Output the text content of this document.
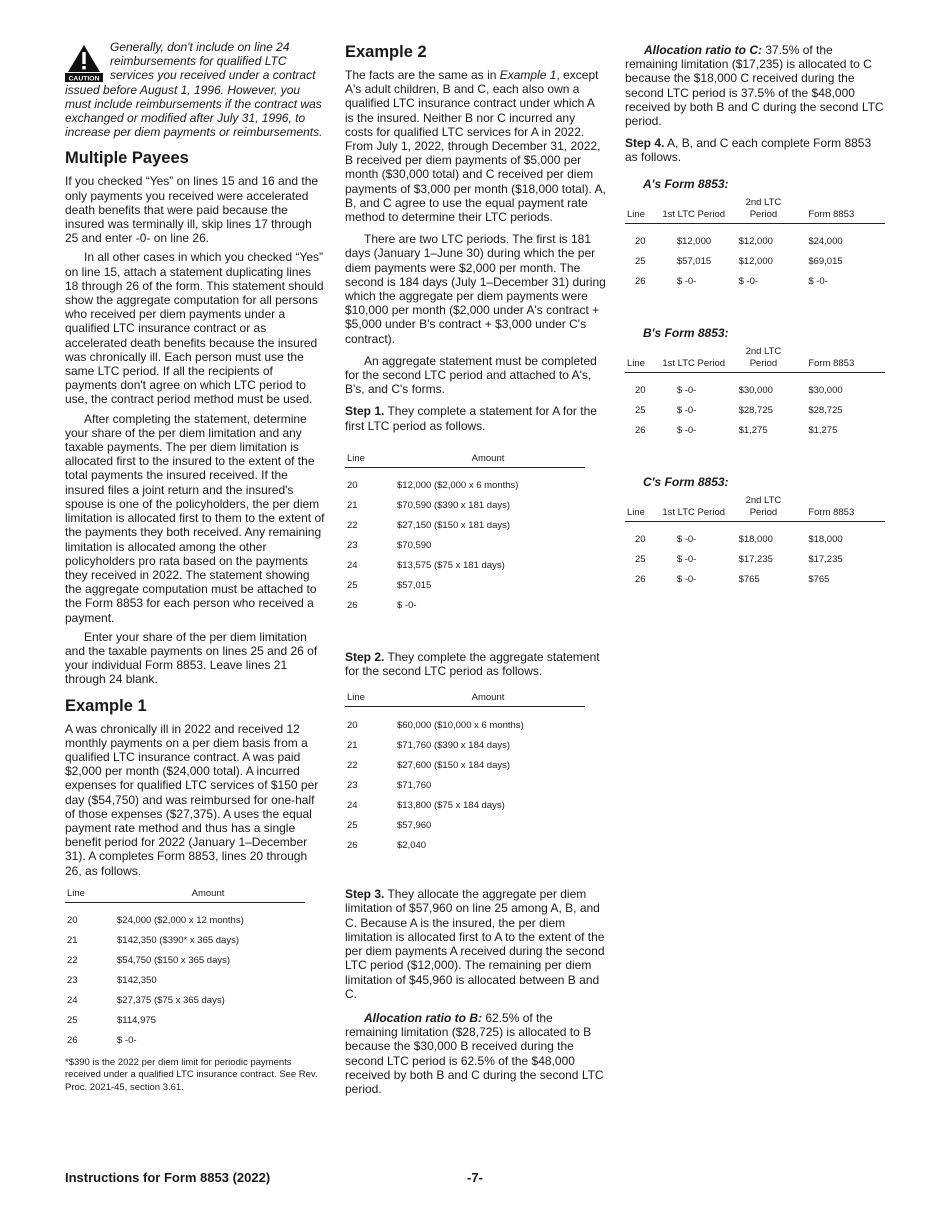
CAUTION
Generally, don't include on line 24 reimbursements for qualified LTC services you received under a contract
issued before August 1, 1996. However, you must include reimbursements if the contract was exchanged or modified after July 31, 1996, to increase per diem payments or reimbursements.
Multiple Payees

If you checked “Yes” on lines 15 and 16 and the only payments you received were accelerated death benefits that were paid because the insured was terminally ill, skip lines 17 through 25 and enter -0- on line 26.

In all other cases in which you checked “Yes” on line 15, attach a statement duplicating lines 18 through 26 of the form. This statement should show the aggregate computation for all persons who received per diem payments under a qualified LTC insurance contract or as accelerated death benefits because the insured was chronically ill. Each person must use the same LTC period. If all the recipients of payments don't agree on which LTC period to use, the contract period method must be used.

After completing the statement, determine your share of the per diem limitation and any taxable payments. The per diem limitation is allocated first to the insured to the extent of the total payments the insured received. If the insured files a joint return and the insured's spouse is one of the policyholders, the per diem limitation is allocated first to them to the extent of the payments they both received. Any remaining limitation is allocated among the other policyholders pro rata based on the payments they received in 2022. The statement showing the aggregate computation must be attached to the Form 8853 for each person who received a payment.

Enter your share of the per diem limitation and the taxable payments on lines 25 and 26 of your individual Form 8853. Leave lines 21 through 24 blank.

Example 1

A was chronically ill in 2022 and received 12 monthly payments on a per diem basis from a qualified LTC insurance contract. A was paid $2,000 per month ($24,000 total). A incurred expenses for qualified LTC services of $150 per day ($54,750) and was reimbursed for one-half of those expenses ($27,375). A uses the equal payment rate method and thus has a single benefit period for 2022 (January 1–December 31). A completes Form 8853, lines 20 through 26, as follows.

Line	Amount
20	$24,000 ($2,000 x 12 months)
21	$142,350 ($390* x 365 days)
22	$54,750 ($150 x 365 days)
23	$142,350
24	$27,375 ($75 x 365 days)
25	$114,975
26	$ -0-

*$390 is the 2022 per diem limit for periodic payments received under a qualified LTC insurance contract. See Rev. Proc. 2021-45, section 3.61.

Example 2

The facts are the same as in Example 1, except A's adult children, B and C, each also own a qualified LTC insurance contract under which A is the insured. Neither B nor C incurred any costs for qualified LTC services for A in 2022. From July 1, 2022, through December 31, 2022, B received per diem payments of $5,000 per month ($30,000 total) and C received per diem payments of $3,000 per month ($18,000 total). A, B, and C agree to use the equal payment rate method to determine their LTC periods.

There are two LTC periods. The first is 181 days (January 1–June 30) during which the per diem payments were $2,000 per month. The second is 184 days (July 1–December 31) during which the aggregate per diem payments were $10,000 per month ($2,000 under A's contract + $5,000 under B's contract + $3,000 under C's contract).

An aggregate statement must be completed for the second LTC period and attached to A's, B's, and C's forms.

Step 1. They complete a statement for A for the first LTC period as follows.

Line	Amount
20	$12,000 ($2,000 x 6 months)
21	$70,590 ($390 x 181 days)
22	$27,150 ($150 x 181 days)
23	$70,590
24	$13,575 ($75 x 181 days)
25	$57,015
26	$ -0-

Step 2. They complete the aggregate statement for the second LTC period as follows.

Line	Amount
20	$60,000 ($10,000 x 6 months)
21	$71,760 ($390 x 184 days)
22	$27,600 ($150 x 184 days)
23	$71,760
24	$13,800 ($75 x 184 days)
25	$57,960
26	$2,040

Step 3. They allocate the aggregate per diem limitation of $57,960 on line 25 among A, B, and C. Because A is the insured, the per diem limitation is allocated first to A to the extent of the per diem payments A received during the second LTC period ($12,000). The remaining per diem limitation of $45,960 is allocated between B and C.

Allocation ratio to B: 62.5% of the remaining limitation ($28,725) is allocated to B because the $30,000 B received during the second LTC period is 62.5% of the $48,000 received by both B and C during the second LTC period.

Allocation ratio to C: 37.5% of the remaining limitation ($17,235) is allocated to C because the $18,000 C received during the second LTC period is 37.5% of the $48,000 received by both B and C during the second LTC period.

Step 4. A, B, and C each complete Form 8853 as follows.

A's Form 8853:
Line	1st LTC Period	2nd LTC Period	Form 8853
20	$12,000	$12,000	$24,000
25	$57,015	$12,000	$69,015
26	$ -0-	$ -0-	$ -0-
B's Form 8853:
Line	1st LTC Period	2nd LTC Period	Form 8853
20	$ -0-	$30,000	$30,000
25	$ -0-	$28,725	$28,725
26	$ -0-	$1,275	$1,275
C's Form 8853:
Line	1st LTC Period	2nd LTC Period	Form 8853
20	$ -0-	$18,000	$18,000
25	$ -0-	$17,235	$17,235
26	$ -0-	$765	$765
Instructions for Form 8853 (2022)	-7-
